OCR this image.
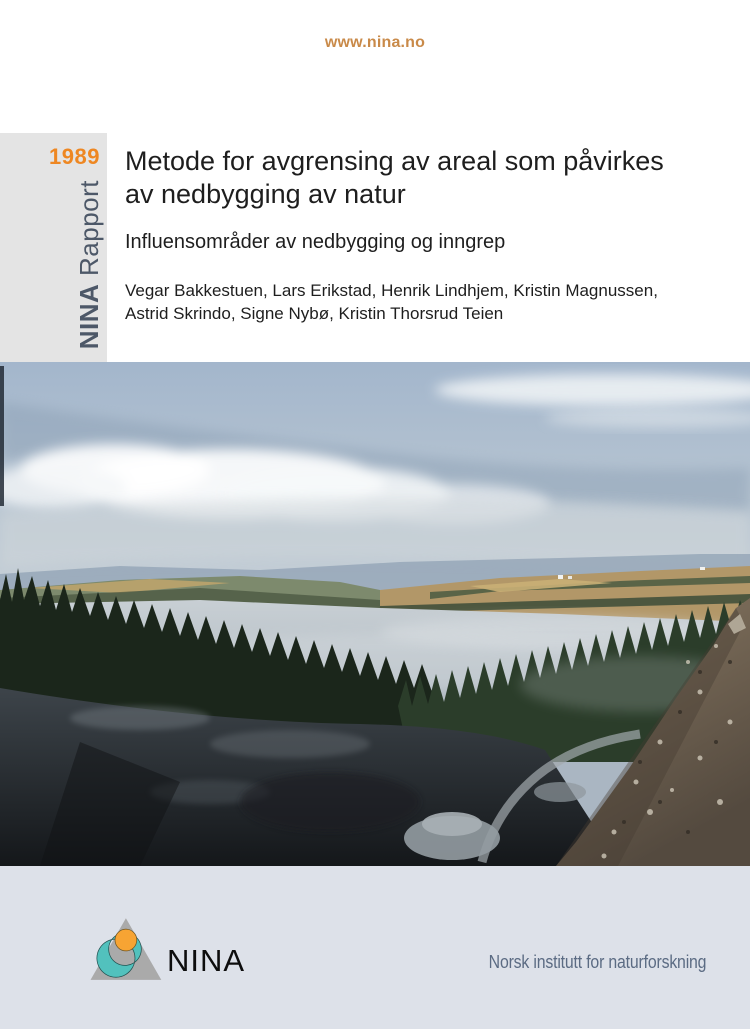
www.nina.no
1989
NINA Rapport
Metode for avgrensing av areal som påvirkes
av nedbygging av natur
Influensområder av nedbygging og inngrep
Vegar Bakkestuen, Lars Erikstad, Henrik Lindhjem, Kristin Magnussen,
Astrid Skrindo, Signe Nybø, Kristin Thorsrud Teien
NINA	Norsk institutt for naturforskning
